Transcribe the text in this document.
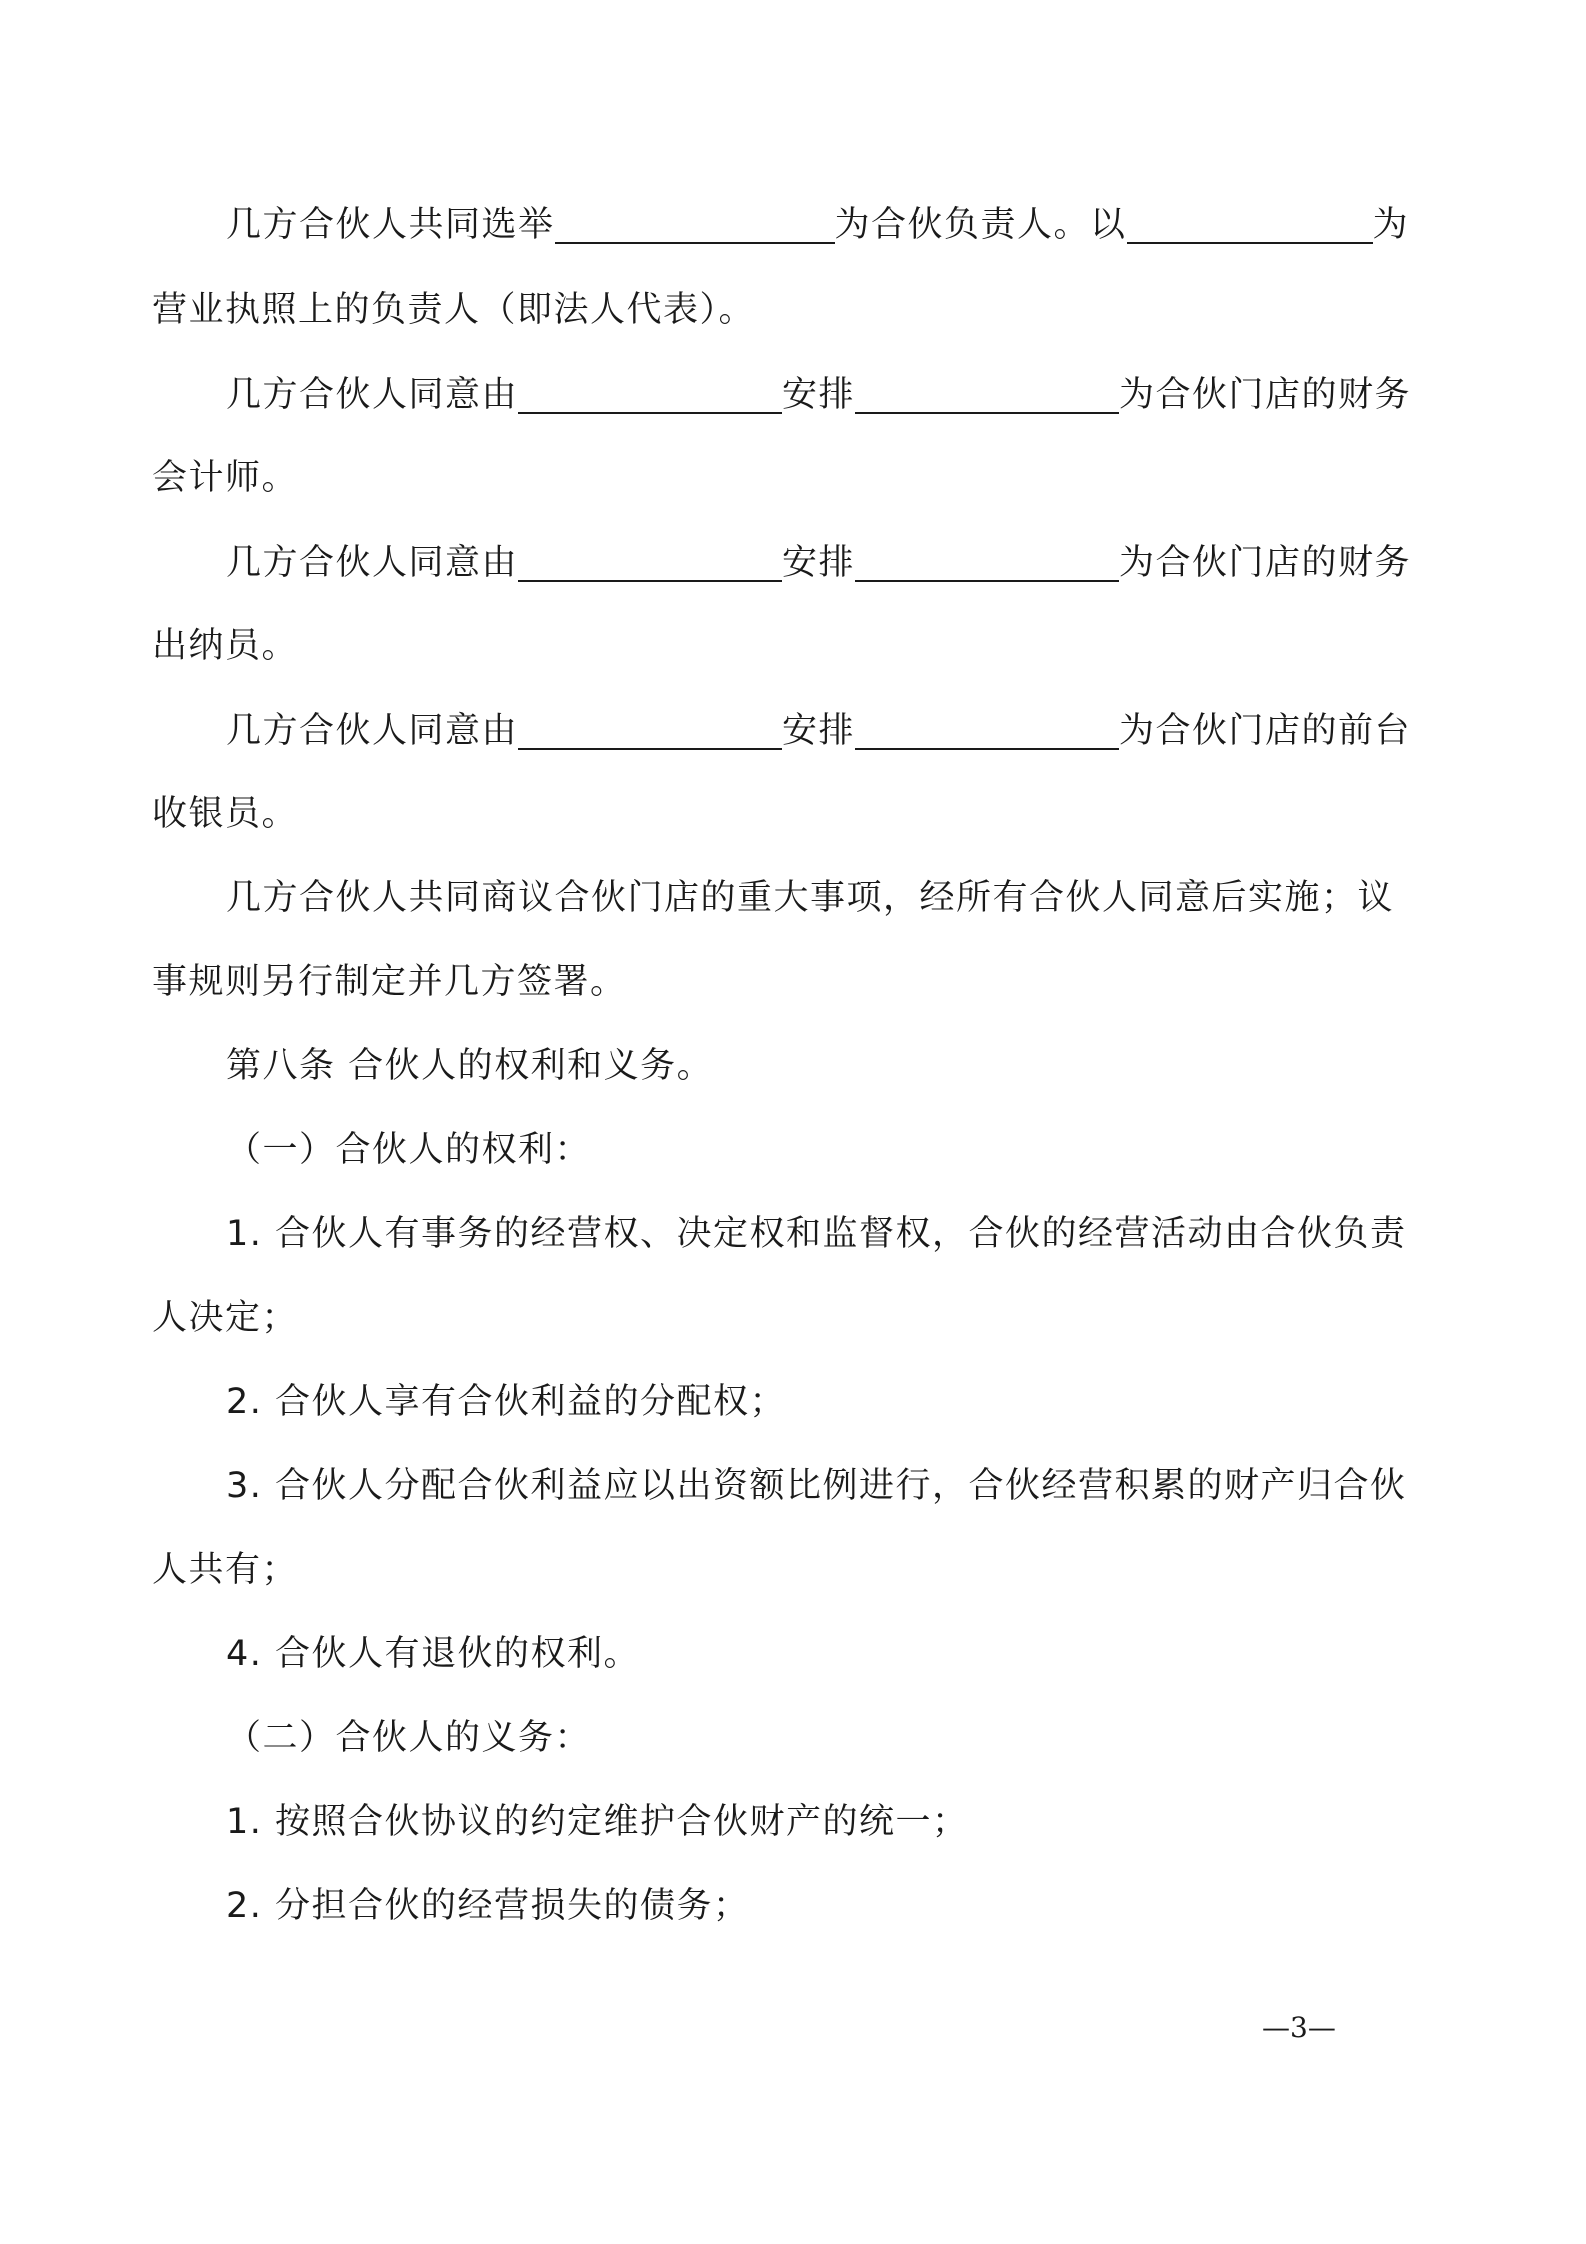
几方合伙人共同选举	为合伙负责人。以	为
营业执照上的负责人（即法人代表）。
几方合伙人同意由	安排	为合伙门店的财务
会计师。
几方合伙人同意由	安排	为合伙门店的财务
出纳员。
几方合伙人同意由	安排	为合伙门店的前台
收银员。
几方合伙人共同商议合伙门店的重大事项，经所有合伙人同意后实施；议
事规则另行制定并几方签署。
第八条 合伙人的权利和义务。
（一）合伙人的权利：
1. 合伙人有事务的经营权、决定权和监督权，合伙的经营活动由合伙负责
人决定；
2. 合伙人享有合伙利益的分配权；
3. 合伙人分配合伙利益应以出资额比例进行，合伙经营积累的财产归合伙
人共有；
4. 合伙人有退伙的权利。
（二）合伙人的义务：
1. 按照合伙协议的约定维护合伙财产的统一；
2. 分担合伙的经营损失的债务；
—3—
